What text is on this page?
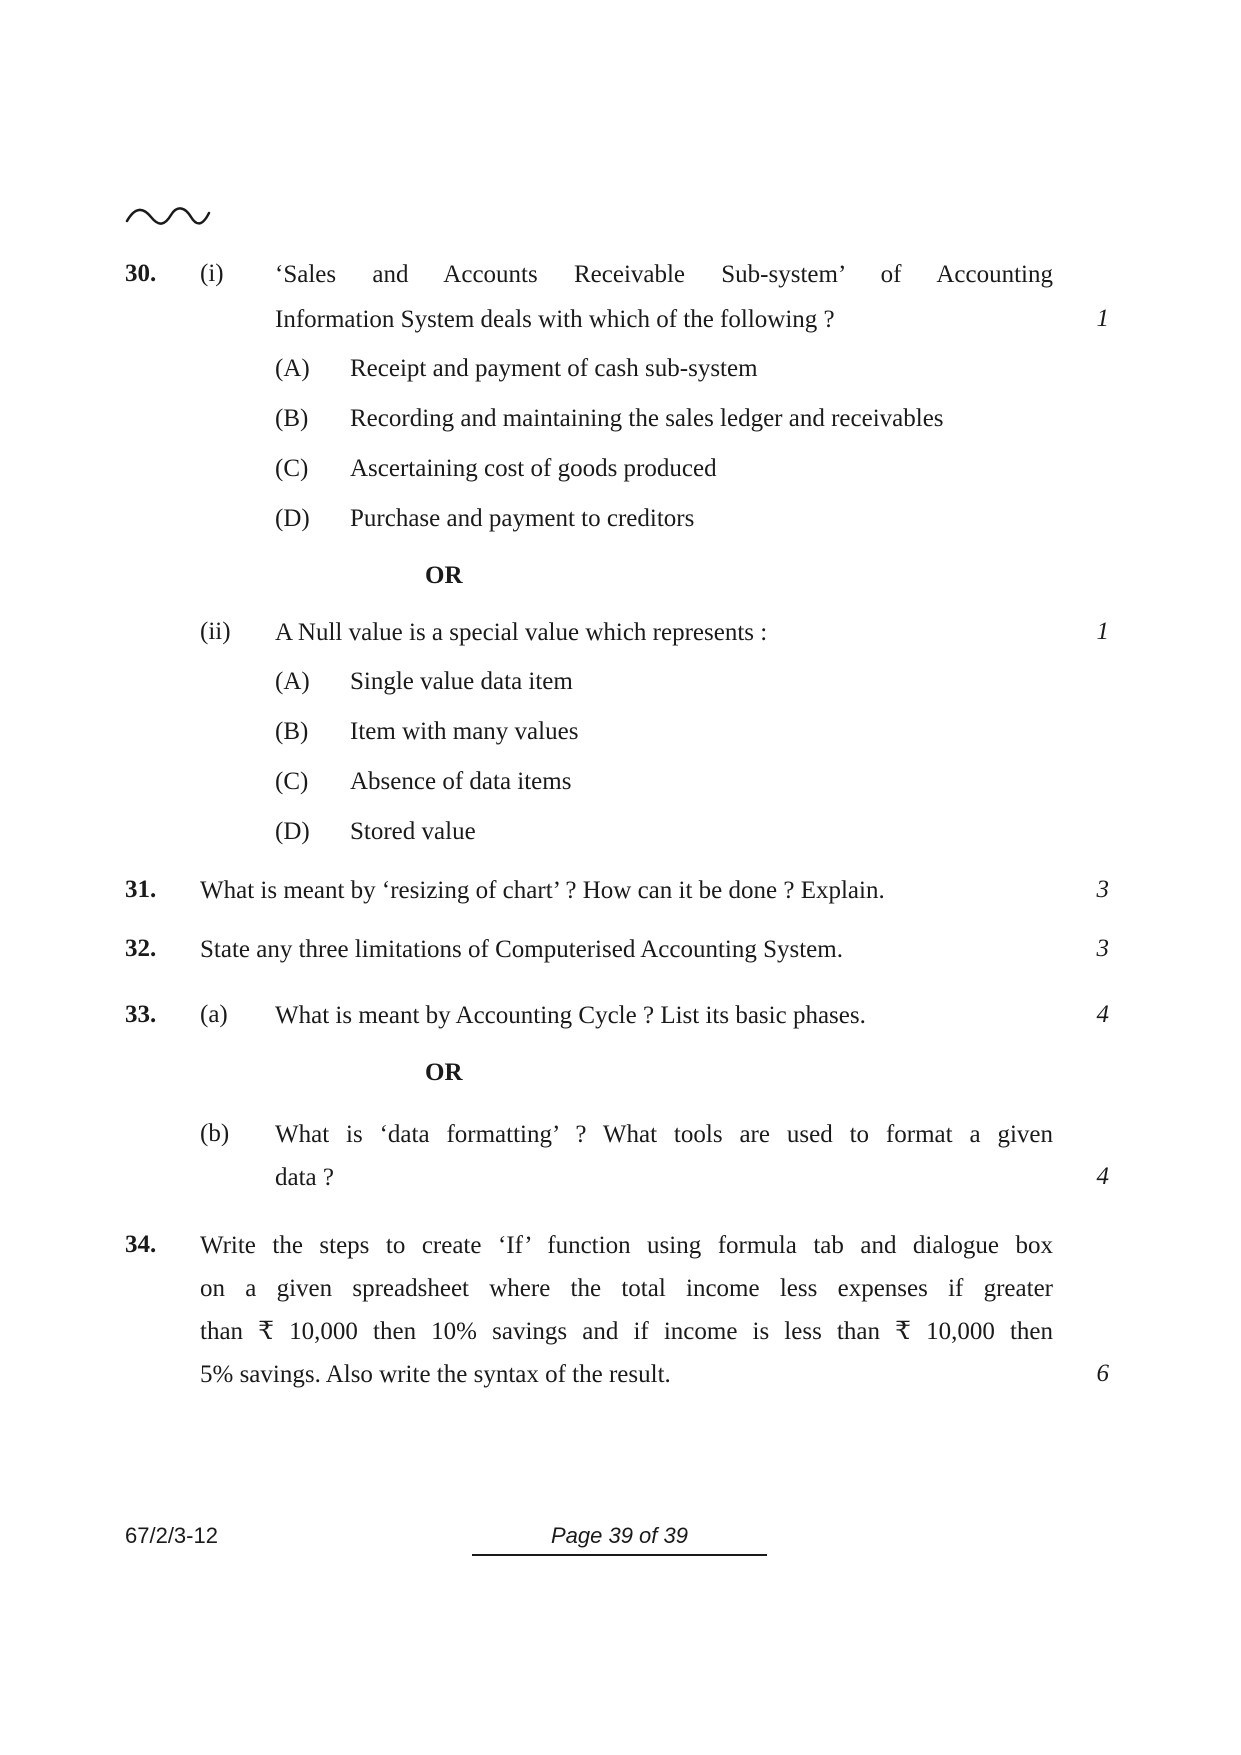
30. (i) ‘Sales and Accounts Receivable Sub-system’ of Accounting
Information System deals with which of the following ?	1
(A) Receipt and payment of cash sub-system
(B) Recording and maintaining the sales ledger and receivables
(C) Ascertaining cost of goods produced
(D) Purchase and payment to creditors
OR
(ii) A Null value is a special value which represents :	1
(A) Single value data item
(B) Item with many values
(C) Absence of data items
(D) Stored value
31. What is meant by ‘resizing of chart’ ? How can it be done ? Explain.	3
32. State any three limitations of Computerised Accounting System.	3
33. (a) What is meant by Accounting Cycle ? List its basic phases.	4
OR
(b) What is ‘data formatting’ ? What tools are used to format a given
data ?	4
34. Write the steps to create ‘If’ function using formula tab and dialogue box
on a given spreadsheet where the total income less expenses if greater
than ₹ 10,000 then 10% savings and if income is less than ₹ 10,000 then
5% savings. Also write the syntax of the result.	6
67/2/3-12	Page 39 of 39
